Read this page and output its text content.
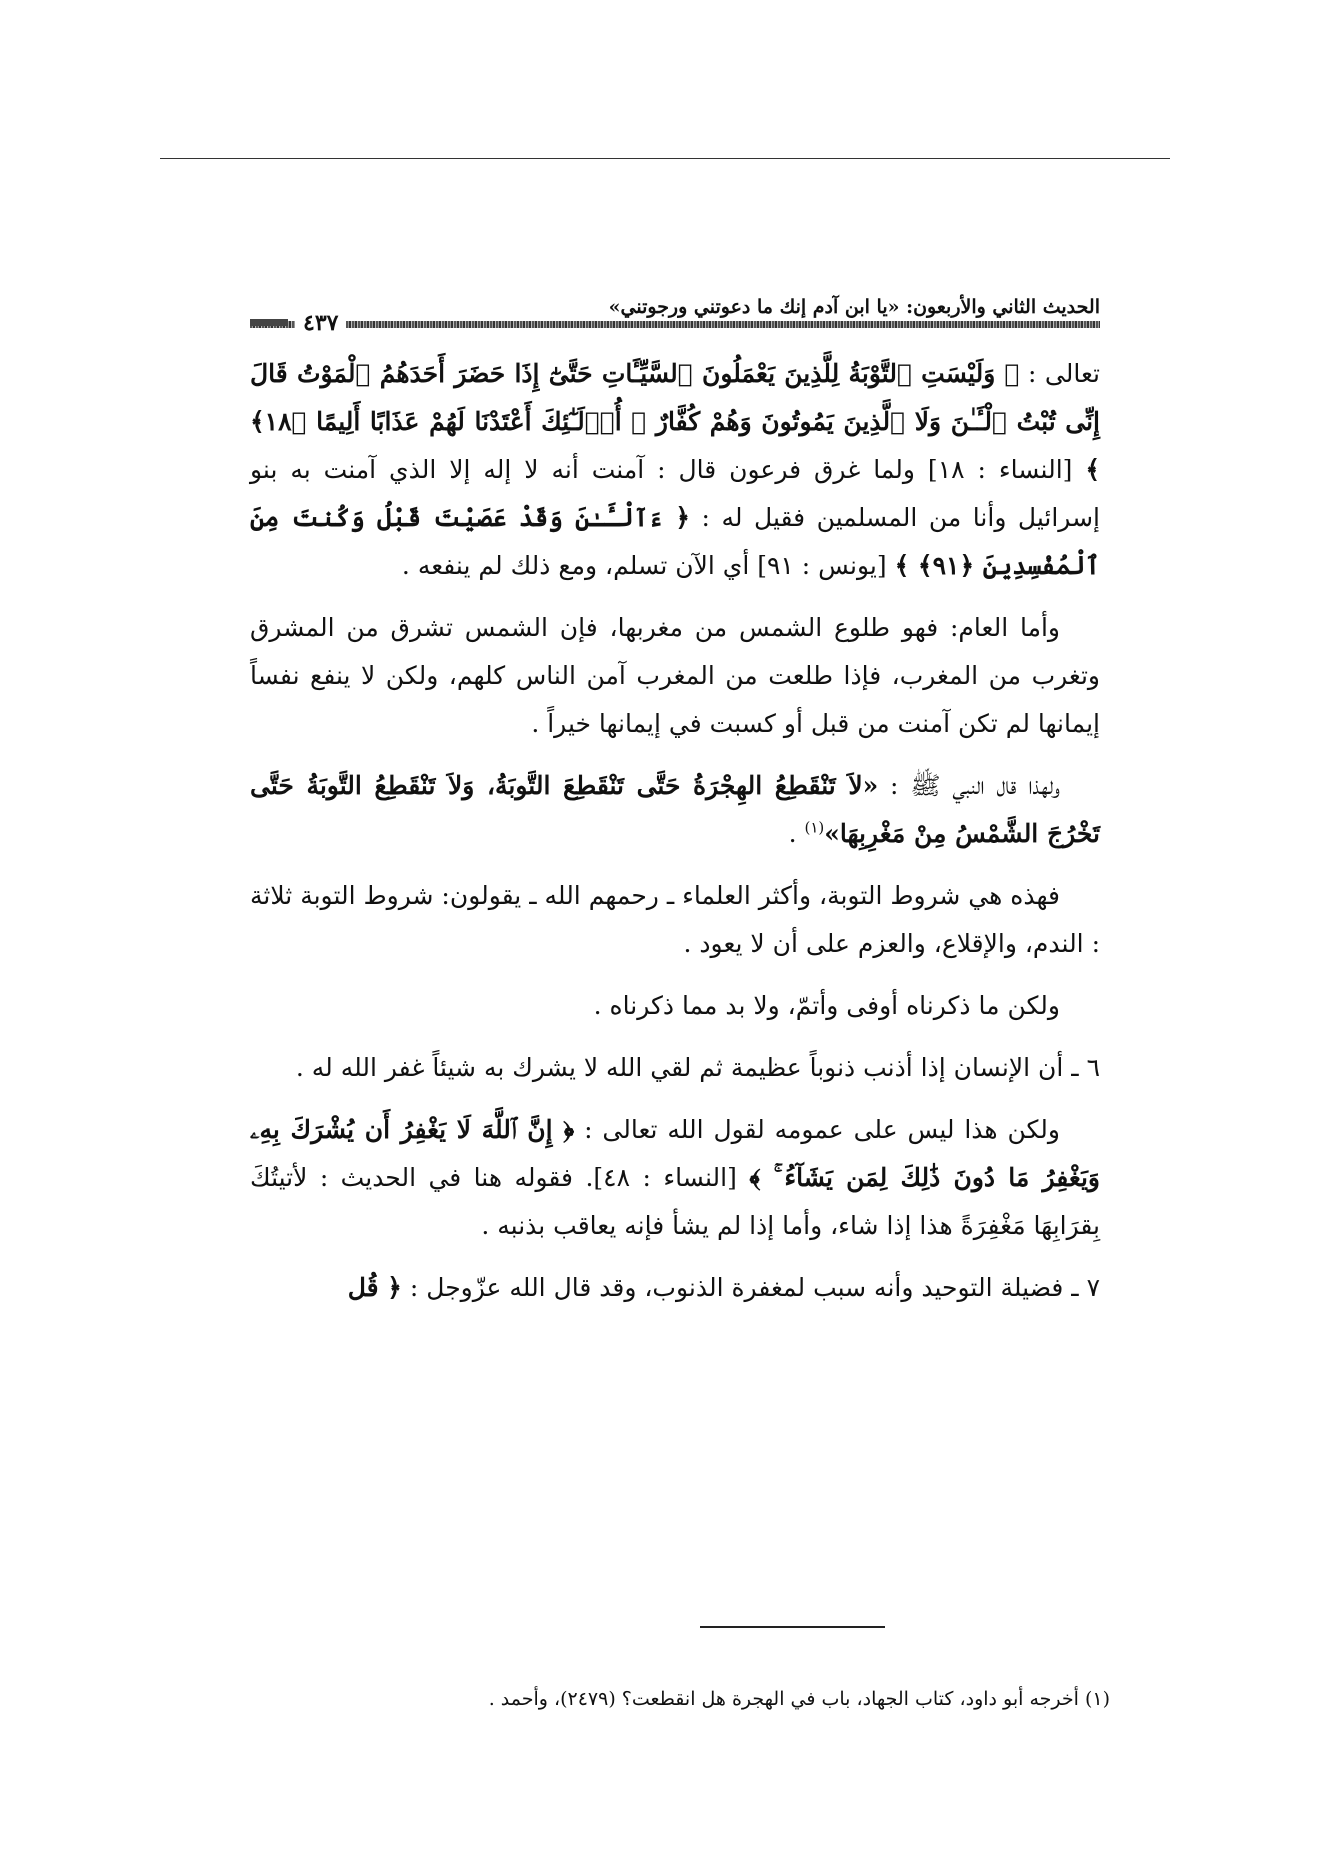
الحديث الثاني والأربعون: «يا ابن آدم إنك ما دعوتني ورجوتني»
٤٣٧

تعالى : ﴿ وَلَيْسَتِ ٱلتَّوْبَةُ لِلَّذِينَ يَعْمَلُونَ ٱلسَّيِّـَٔاتِ حَتَّىٰٓ إِذَا حَضَرَ أَحَدَهُمُ ٱلْمَوْتُ قَالَ إِنِّى تُبْتُ ٱلْـَٔـٰنَ وَلَا ٱلَّذِينَ يَمُوتُونَ وَهُمْ كُفَّارٌ ۚ أُو۟لَـٰٓئِكَ أَعْتَدْنَا لَهُمْ عَذَابًا أَلِيمًا ﴿١٨﴾ ﴾ [النساء : ١٨] ولما غرق فرعون قال : آمنت أنه لا إله إلا الذي آمنت به بنو إسرائيل وأنا من المسلمين فقيل له : ﴿ ءَآلْـَٔـٰنَ وَقَدْ عَصَيْتَ قَبْلُ وَكُنتَ مِنَ ٱلْمُفْسِدِينَ ﴿٩١﴾ ﴾ [يونس : ٩١] أي الآن تسلم، ومع ذلك لم ينفعه .

وأما العام: فهو طلوع الشمس من مغربها، فإن الشمس تشرق من المشرق وتغرب من المغرب، فإذا طلعت من المغرب آمن الناس كلهم، ولكن لا ينفع نفساً إيمانها لم تكن آمنت من قبل أو كسبت في إيمانها خيراً .

ولهذا قال النبي ﷺ : «لاَ تَنْقَطِعُ الهِجْرَةُ حَتَّى تَنْقَطِعَ التَّوبَةُ، وَلاَ تَنْقَطِعُ التَّوبَةُ حَتَّى تَخْرُجَ الشَّمْسُ مِنْ مَغْرِبِهَا»$^{(١)}$ .

فهذه هي شروط التوبة، وأكثر العلماء ـ رحمهم الله ـ يقولون: شروط التوبة ثلاثة : الندم، والإقلاع، والعزم على أن لا يعود .

ولكن ما ذكرناه أوفى وأتمّ، ولا بد مما ذكرناه .

٦ ـ أن الإنسان إذا أذنب ذنوباً عظيمة ثم لقي الله لا يشرك به شيئاً غفر الله له .

ولكن هذا ليس على عمومه لقول الله تعالى : ﴿ إِنَّ ٱللَّهَ لَا يَغْفِرُ أَن يُشْرَكَ بِهِۦ وَيَغْفِرُ مَا دُونَ ذَٰلِكَ لِمَن يَشَآءُ ۚ ﴾ [النساء : ٤٨]. فقوله هنا في الحديث : لأتيتُكَ بِقرَابِهَا مَغْفِرَةً هذا إذا شاء، وأما إذا لم يشأ فإنه يعاقب بذنبه .

٧ ـ فضيلة التوحيد وأنه سبب لمغفرة الذنوب، وقد قال الله عزّوجل : ﴿ قُل

(١) أخرجه أبو داود، كتاب الجهاد، باب في الهجرة هل انقطعت؟ (٢٤٧٩)، وأحمد .
